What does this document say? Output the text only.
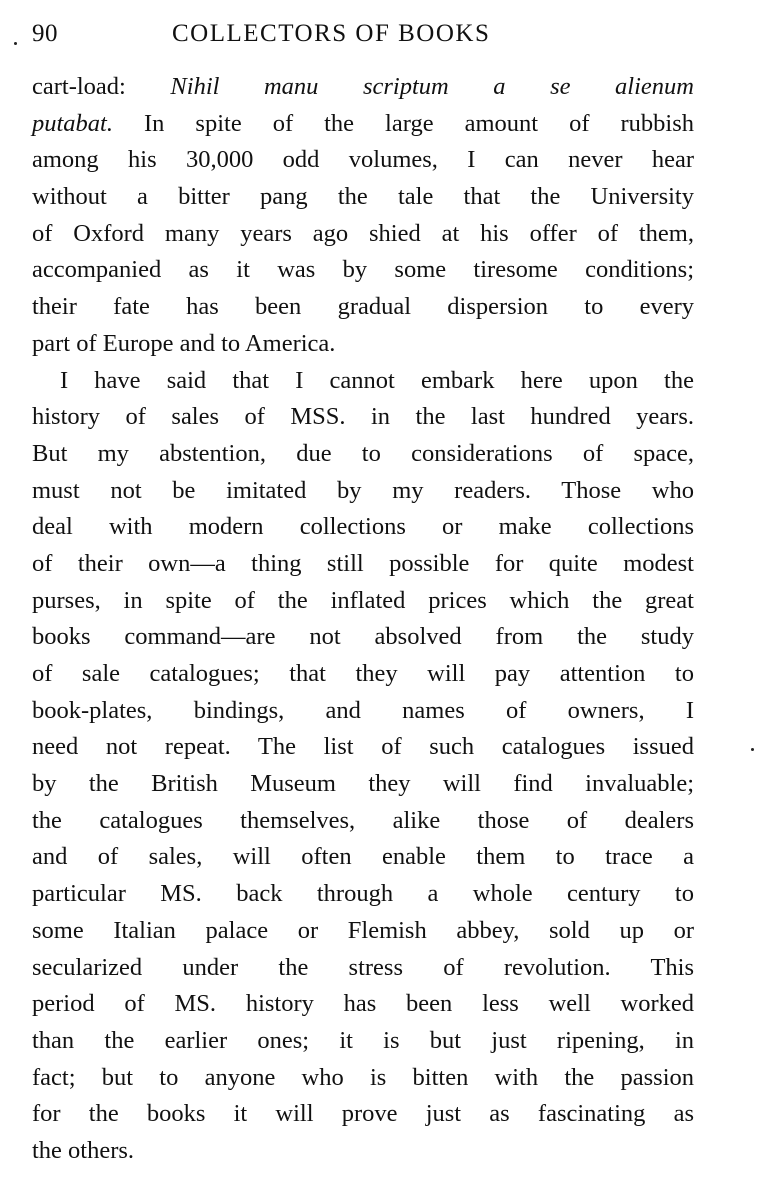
90	COLLECTORS OF BOOKS
cart-load: Nihil manu scriptum a se alienum
putabat. In spite of the large amount of rubbish
among his 30,000 odd volumes, I can never hear
without a bitter pang the tale that the University
of Oxford many years ago shied at his offer of them,
accompanied as it was by some tiresome conditions;
their fate has been gradual dispersion to every
part of Europe and to America.
I have said that I cannot embark here upon the
history of sales of MSS. in the last hundred years.
But my abstention, due to considerations of space,
must not be imitated by my readers. Those who
deal with modern collections or make collections
of their own—a thing still possible for quite modest
purses, in spite of the inflated prices which the great
books command—are not absolved from the study
of sale catalogues; that they will pay attention to
book-plates, bindings, and names of owners, I
need not repeat. The list of such catalogues issued
by the British Museum they will find invaluable;
the catalogues themselves, alike those of dealers
and of sales, will often enable them to trace a
particular MS. back through a whole century to
some Italian palace or Flemish abbey, sold up or
secularized under the stress of revolution. This
period of MS. history has been less well worked
than the earlier ones; it is but just ripening, in
fact; but to anyone who is bitten with the passion
for the books it will prove just as fascinating as
the others.
